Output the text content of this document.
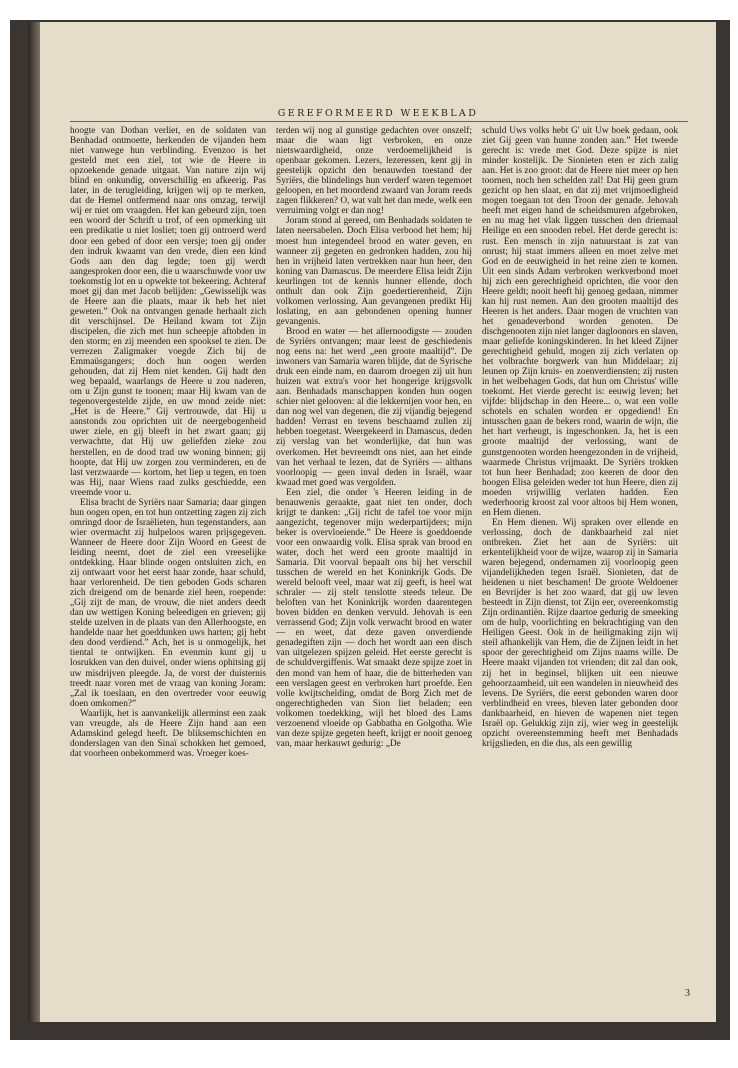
GEREFORMEERD WEEKBLAD

hoogte van Dothan verliet, en de soldaten van Benhadad ontmoette, herkenden de vijanden hem niet vanwege hun verblinding. Evenzoo is het gesteld met een ziel, tot wie de Heere in opzoekende genade uitgaat. Van nature zijn wij blind en onkundig, onverschillig en afkeerig. Pas later, in de terugleiding, krijgen wij op te merken, dat de Hemel ontfermend naar ons omzag, terwijl wij er niet om vraagden. Het kan gebeurd zijn, toen een woord der Schrift u trof, of een opmerking uit een predikatie u niet losliet; toen gij ontroerd werd door een gebed of door een versje; toen gij onder den indruk kwaamt van den vrede, dien een kind Gods aan den dag legde; toen gij werdt aangesproken door een, die u waarschuwde voor uw toekomstig lot en u opwekte tot bekeering. Achteraf moet gij dan met Jacob belijden: „Gewisselijk was de Heere aan die plaats, maar ik heb het niet geweten.” Ook na ontvangen genade herhaalt zich dit verschijnsel. De Heiland kwam tot Zijn discipelen, die zich met hun scheepje aftobden in den storm; en zij meenden een spooksel te zien. De verrezen Zaligmaker voegde Zich bij de Emmaüsgangers; doch hun oogen werden gehouden, dat zij Hem niet kenden. Gij hadt den weg bepaald, waarlangs de Heere u zou naderen, om u Zijn gunst te toonen; maar Hij kwam van de tegenovergestelde zijde, en uw mond zeide niet: „Het is de Heere.” Gij vertrouwde, dat Hij u aanstonds zou oprichten uit de neergebogenheid uwer ziele, en gij bleeft in het zwart gaan; gij verwachtte, dat Hij uw geliefden zieke zou herstellen, en de dood trad uw woning binnen; gij hoopte, dat Hij uw zorgen zou verminderen, en de last verzwaarde — kortom, het liep u tegen, en toen was Hij, naar Wiens raad zulks geschiedde, een vreemde voor u.

Elisa bracht de Syriërs naar Samaria; daar gingen hun oogen open, en tot hun ontzetting zagen zij zich omringd door de Israëlieten, hun tegenstanders, aan wier overmacht zij hulpeloos waren prijsgegeven. Wanneer de Heere door Zijn Woord en Geest de leiding neemt, doet de ziel een vreeselijke ontdekking. Haar blinde oogen ontsluiten zich, en zij ontwaart voor het eerst haar zonde, haar schuld, haar verlorenheid. De tien geboden Gods scharen zich dreigend om de benarde ziel heen, roepende: „Gij zijt de man, de vrouw, die niet anders deedt dan uw wettigen Koning beleedigen en grieven; gij stelde uzelven in de plaats van den Allerhoogste, en handelde naar het goeddunken uws harten; gij hebt den dood verdiend.” Ach, het is u onmogelijk, het tiental te ontwijken. En evenmin kunt gij u losrukken van den duivel, onder wiens ophitsing gij uw misdrijven pleegde. Ja, de vorst der duisternis treedt naar voren met de vraag van koning Joram: „Zal ik toeslaan, en den overtreder voor eeuwig doen omkomen?”

Waarlijk, het is aanvankelijk allerminst een zaak van vreugde, als de Heere Zijn hand aan een Adamskind gelegd heeft. De bliksemschichten en donderslagen van den Sinaï schokken het gemoed, dat voorheen onbekommerd was. Vroeger koes-

terden wij nog al gunstige gedachten over onszelf; maar die waan ligt verbroken, en onze nietswaardigheid, onze verdoemelijkheid is openbaar gekomen. Lezers, lezeressen, kent gij in geestelijk opzicht den benauwden toestand der Syriërs, die blindelings hun verderf waren tegemoet geloopen, en het moordend zwaard van Joram reeds zagen flikkeren? O, wat valt het dan mede, welk een verruiming volgt er dan nog!

Joram stond al gereed, om Benhadads soldaten te laten neersabelen. Doch Elisa verbood het hem; hij moest hun integendeel brood en water geven, en wanneer zij gegeten en gedronken hadden, zou hij hen in vrijheid laten vertrekken naar hun heer, den koning van Damascus. De meerdere Elisa leidt Zijn keurlingen tot de kennis hunner ellende, doch onthult dan ook Zijn goedertierenheid, Zijn volkomen verlossing. Aan gevangenen predikt Hij loslating, en aan gebondenen opening hunner gevangenis.

Brood en water — het allernoodigste — zouden de Syriërs ontvangen; maar leest de geschiedenis nog eens na: het werd „een groote maaltijd”. De inwoners van Samaria waren blijde, dat de Syrische druk een einde nam, en daarom droegen zij uit hun huizen wat extra's voor het hongerige krijgsvolk aan. Benhadads manschappen konden hun oogen schier niet gelooven: al die lekkernijen voor hen, en dan nog wel van degenen, die zij vijandig bejegend hadden! Verrast en tevens beschaamd zullen zij hebben toegetast. Weergekeerd in Damascus, deden zij verslag van het wonderlijke, dat hun was overkomen. Het bevreemdt ons niet, aan het einde van het verhaal te lezen, dat de Syriërs — althans voorloopig — geen inval deden in Israël, waar kwaad met goed was vergolden.

Een ziel, die onder 's Heeren leiding in de benauwenis geraakte, gaat niet ten onder, doch krijgt te danken: „Gij richt de tafel toe voor mijn aangezicht, tegenover mijn wederpartijders; mijn beker is overvloeiende.” De Heere is goeddoende voor een onwaardig volk. Elisa sprak van brood en water, doch het werd een groote maaltijd in Samaria. Dit voorval bepaalt ons bij het verschil tusschen de wereld en het Koninkrijk Gods. De wereld belooft veel, maar wat zij geeft, is heel wat schraler — zij stelt tenslotte steeds teleur. De beloften van het Koninkrijk worden daarentegen boven bidden en denken vervuld. Jehovah is een verrassend God; Zijn volk verwacht brood en water — en weet, dat deze gaven onverdiende genadegiften zijn — doch het wordt aan een disch van uitgelezen spijzen geleid. Het eerste gerecht is de schuldvergiffenis. Wat smaakt deze spijze zoet in den mond van hem of haar, die de bitterheden van een verslagen geest en verbroken hart proefde. Een volle kwijtschelding, omdat de Borg Zich met de ongerechtigheden van Sion liet beladen; een volkomen toedekking, wijl het bloed des Lams verzoenend vloeide op Gabbatha en Golgotha. Wie van deze spijze gegeten heeft, krijgt er nooit genoeg van, maar herkauwt gedurig: „De

schuld Uws volks hebt G' uit Uw boek gedaan, ook ziet Gij geen van hunne zonden aan.” Het tweede gerecht is: vrede met God. Deze spijze is niet minder kostelijk. De Sionieten eten er zich zalig aan. Het is zoo groot: dat de Heere niet meer op hen toornen, noch hen schelden zal! Dat Hij geen gram gezicht op hen slaat, en dat zij met vrijmoedigheid mogen toegaan tot den Troon der genade. Jehovah heeft met eigen hand de scheidsmuren afgebroken, en nu mag het vlak liggen tusschen den driemaal Heilige en een snooden rebel. Het derde gerecht is: rust. Een mensch in zijn natuurstaat is zat van onrust; hij staat immers alleen en moet zelve met God en de eeuwigheid in het reine zien te komen. Uit een sinds Adam verbroken werkverbond moet hij zich een gerechtigheid oprichten, die voor den Heere geldt; nooit heeft hij genoeg gedaan, nimmer kan hij rust nemen. Aan den grooten maaltijd des Heeren is het anders. Daar mogen de vruchten van het genadeverbond worden genoten. De dischgenooten zijn niet langer dagloonors en slaven, maar geliefde koningskinderen. In het kleed Zijner gerechtigheid gehuld, mogen zij zich verlaten op het volbrachte borgwerk van hun Middelaar; zij leunen op Zijn kruis- en zoenverdiensten; zij rusten in het welbehagen Gods, dat hun om Christus' wille toekomt. Het vierde gerecht is: eeuwig leven; het vijfde: blijdschap in den Heere... o, wat een volle schotels en schalen worden er opgediend! En intusschen gaan de bekers rond, waarin de wijn, die het hart verheugt, is ingeschonken. Ja, het is een groote maaltijd der verlossing, want de gunstgenooten worden heengezonden in de vrijheid, waarmede Christus vrijmaakt. De Syriërs trokken tot hun heer Benhadad; zoo keeren de door den hoogen Elisa geleiden weder tot hun Heere, dien zij moeden vrijwillig verlaten hadden. Een wederhoorig kroost zal voor altoos bij Hem wonen, en Hem dienen.

En Hem dienen. Wij spraken over ellende en verlossing, doch de dankbaarheid zal niet ontbreken. Ziet het aan de Syriërs: uit erkentelijkheid voor de wijze, waarop zij in Samaria waren bejegend, ondernamen zij voorloopig geen vijandelijkheden tegen Israël. Sionieten, dat de heidenen u niet beschamen! De groote Weldoener en Bevrijder is het zoo waard, dat gij uw leven besteedt in Zijn dienst, tot Zijn eer, overeenkomstig Zijn ordinantiën. Rijze daartoe gedurig de smeeking om de hulp, voorlichting en bekrachtiging van den Heiligen Geest. Ook in de heiligmaking zijn wij steil afhankelijk van Hem, die de Zijnen leidt in het spoor der gerechtigheid om Zijns naams wille. De Heere maakt vijanden tot vrienden; dit zal dan ook, zij het in beginsel, blijken uit een nieuwe gehoorzaamheid, uit een wandelen in nieuwheid des levens. De Syriërs, die eerst gebonden waren door verblindheid en vrees, bleven later gebonden door dankbaarheid, en hieven de wapenen niet tegen Israël op. Gelukkig zijn zij, wier weg in geestelijk opzicht overeenstemming heeft met Benhadads krijgslieden, en die dus, als een gewillig

3
